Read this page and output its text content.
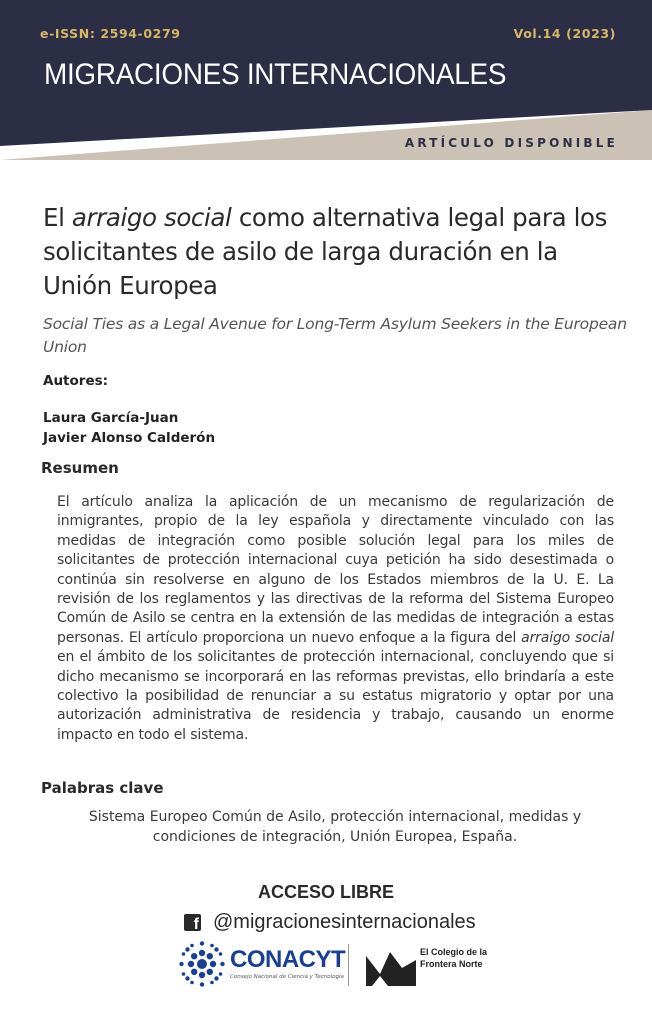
e-ISSN: 2594-0279	Vol.14 (2023)
MIGRACIONES INTERNACIONALES
ARTÍCULO DISPONIBLE
El arraigo social como alternativa legal para los solicitantes de asilo de larga duración en la Unión Europea
Social Ties as a Legal Avenue for Long-Term Asylum Seekers in the European Union
Autores:
Laura García-Juan
Javier Alonso Calderón
Resumen
El artículo analiza la aplicación de un mecanismo de regularización de inmigrantes, propio de la ley española y directamente vinculado con las medidas de integración como posible solución legal para los miles de solicitantes de protección internacional cuya petición ha sido desestimada o continúa sin resolverse en alguno de los Estados miembros de la U. E. La revisión de los reglamentos y las directivas de la reforma del Sistema Europeo Común de Asilo se centra en la extensión de las medidas de integración a estas personas. El artículo proporciona un nuevo enfoque a la figura del arraigo social en el ámbito de los solicitantes de protección internacional, concluyendo que si dicho mecanismo se incorporará en las reformas previstas, ello brindaría a este colectivo la posibilidad de renunciar a su estatus migratorio y optar por una autorización administrativa de residencia y trabajo, causando un enorme impacto en todo el sistema.
Palabras clave
Sistema Europeo Común de Asilo, protección internacional, medidas y condiciones de integración, Unión Europea, España.
ACCESO LIBRE
f @migracionesinternacionales
CONACYT
Consejo Nacional de Ciencia y Tecnología
El Colegio de la Frontera Norte
